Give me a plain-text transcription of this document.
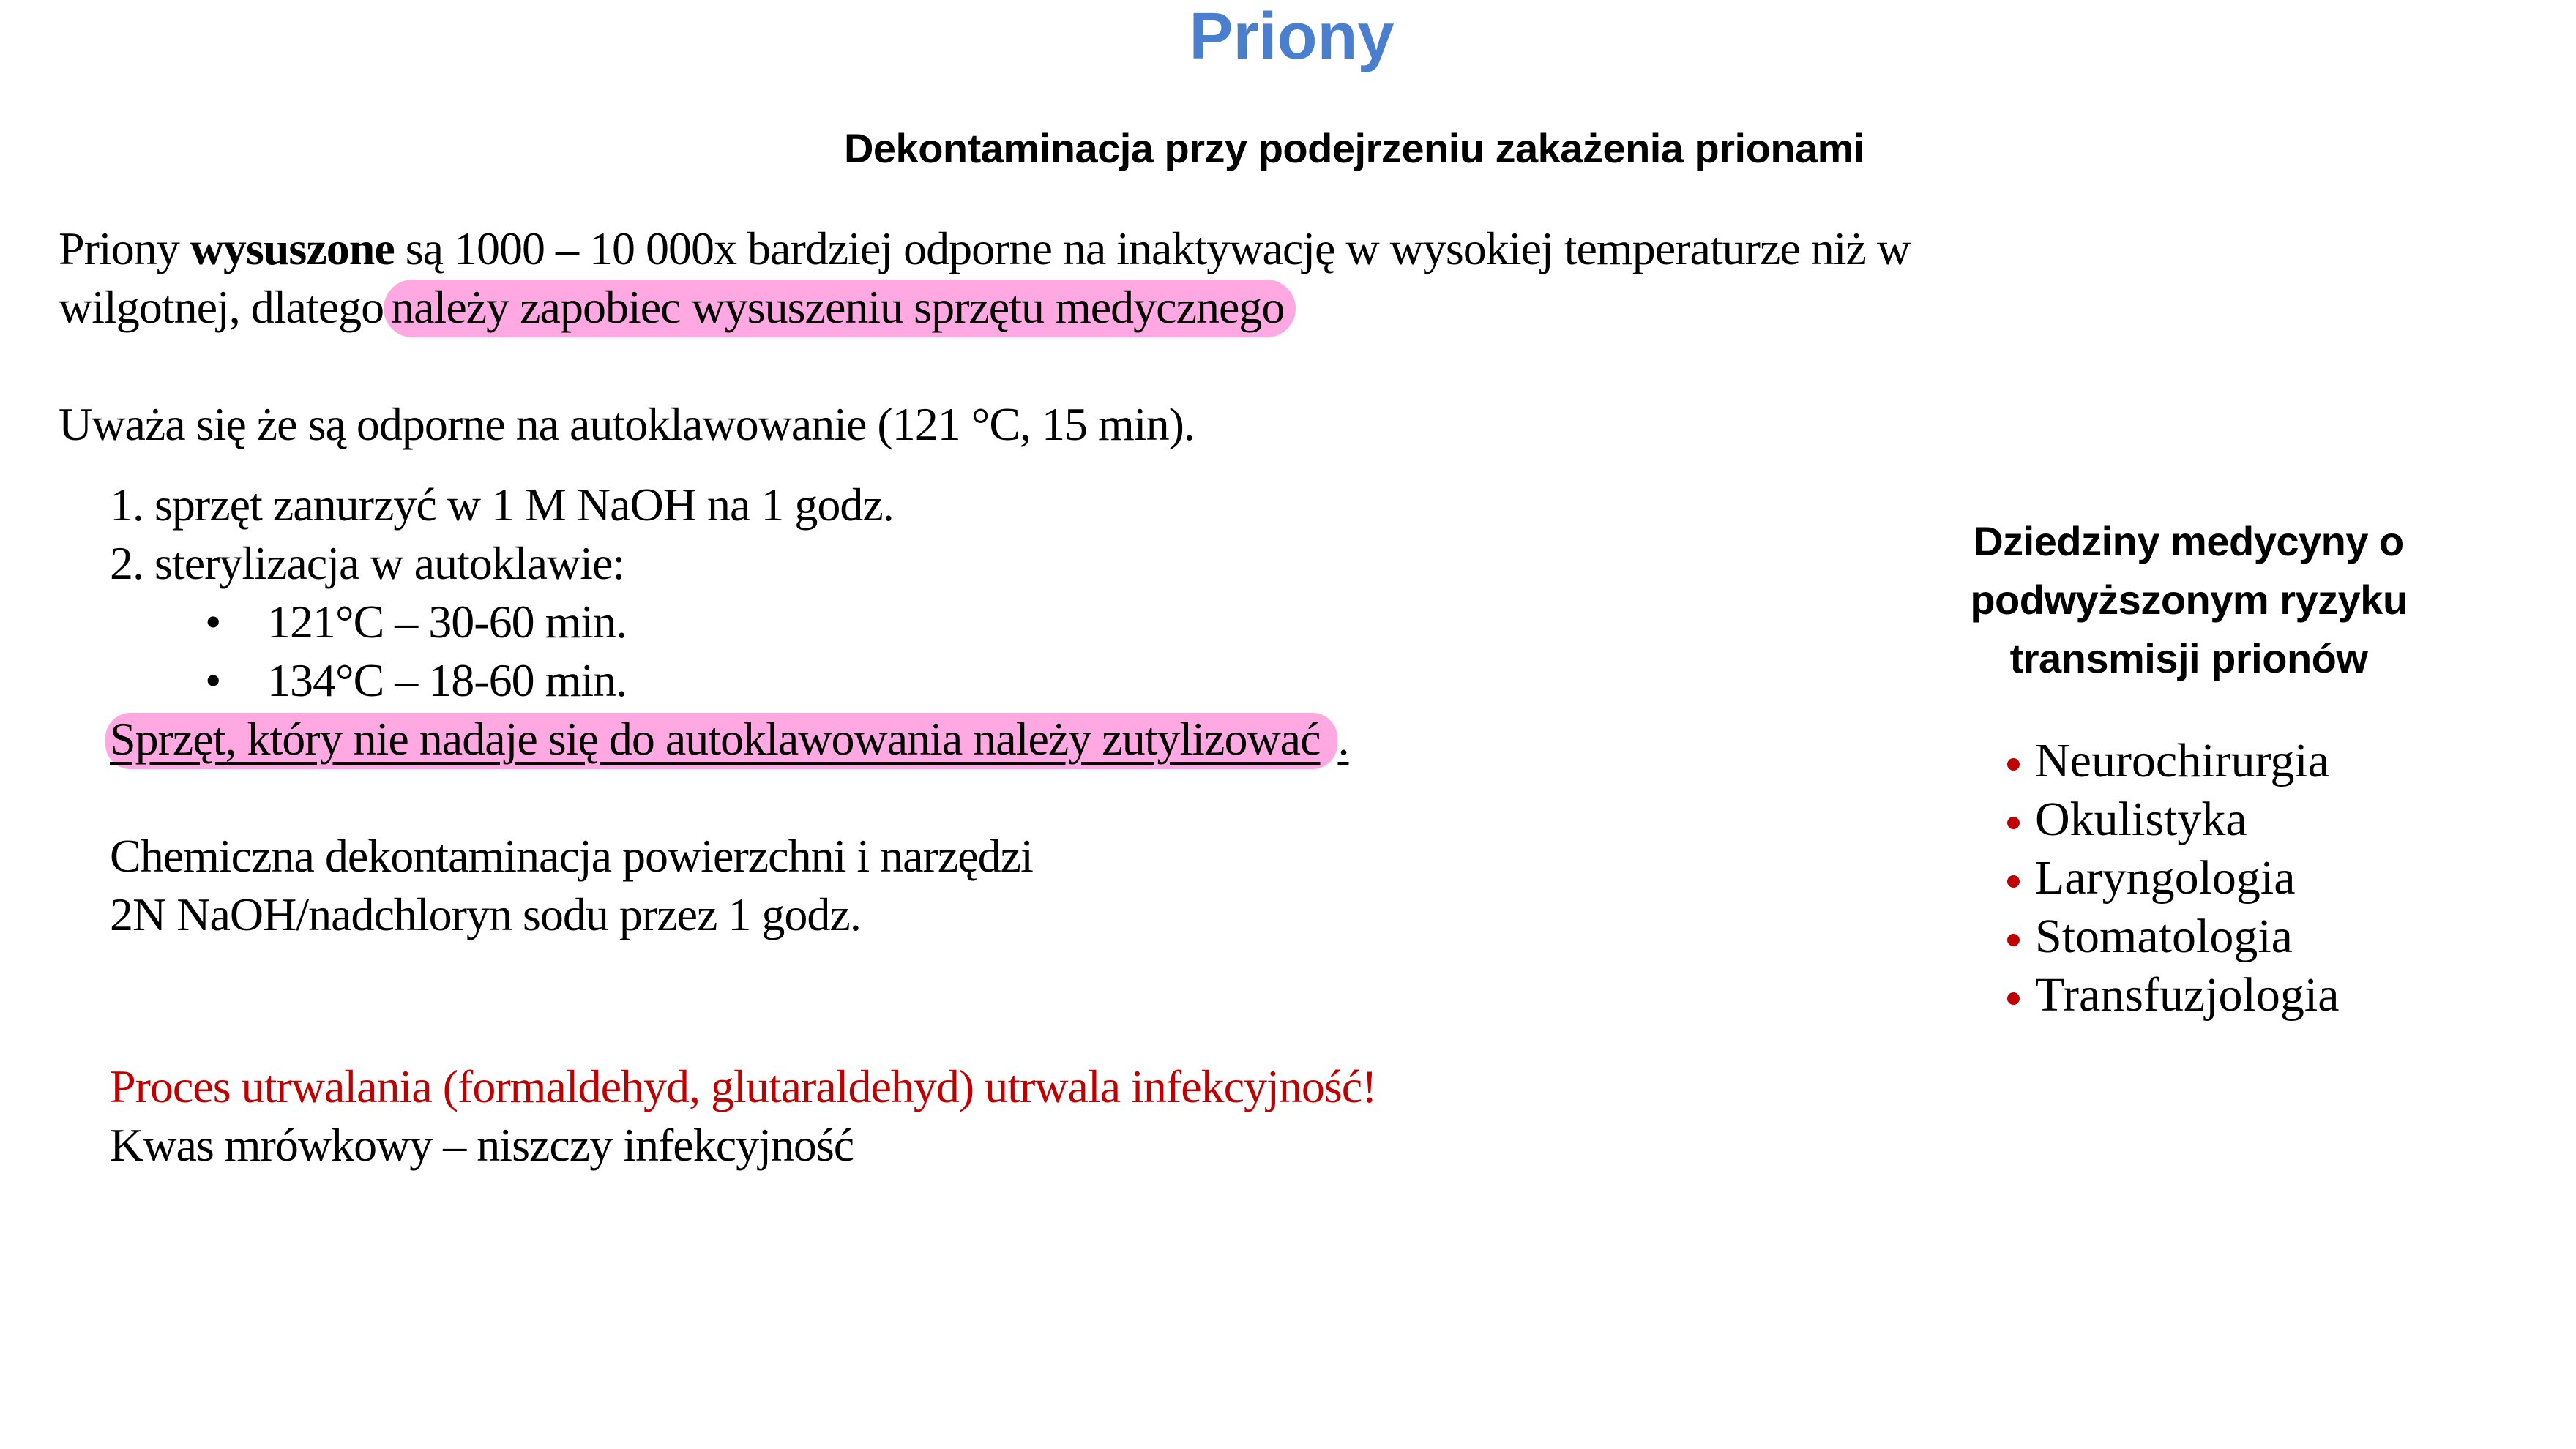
Priony
Dekontaminacja przy podejrzeniu zakażenia prionami
Priony wysuszone są 1000 – 10 000x bardziej odporne na inaktywację w wysokiej temperaturze niż w
wilgotnej, dlatego należy zapobiec wysuszeniu sprzętu medycznego
Uważa się że są odporne na autoklawowanie (121 °C, 15 min).
1. sprzęt zanurzyć w 1 M NaOH na 1 godz.
2. sterylizacja w autoklawie:
• 121°C – 30-60 min.
• 134°C – 18-60 min.
Sprzęt, który nie nadaje się do autoklawowania należy zutylizować .
Chemiczna dekontaminacja powierzchni i narzędzi
2N NaOH/nadchloryn sodu przez 1 godz.
Proces utrwalania (formaldehyd, glutaraldehyd) utrwala infekcyjność!
Kwas mrówkowy – niszczy infekcyjność
Dziedziny medycyny o
podwyższonym ryzyku
transmisji prionów
Neurochirurgia
Okulistyka
Laryngologia
Stomatologia
Transfuzjologia
